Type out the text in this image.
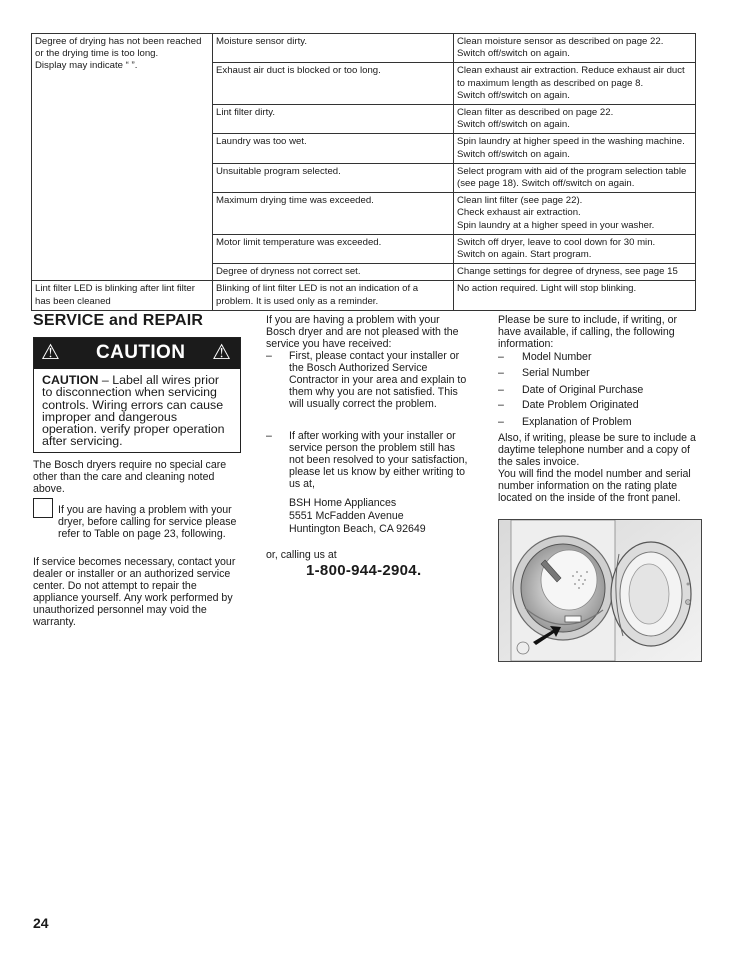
Degree of drying has not been reached or the drying time is too long.
Display may indicate “ ”.	Moisture sensor dirty.	Clean moisture sensor as described on page 22.
Switch off/switch on again.
	Exhaust air duct is blocked or too long.	Clean exhaust air extraction. Reduce exhaust air duct to maximum length as described on page 8.
Switch off/switch on again.
	Lint filter dirty.	Clean filter as described on page 22.
Switch off/switch on again.
	Laundry was too wet.	Spin laundry at higher speed in the washing machine. Switch off/switch on again.
	Unsuitable program selected.	Select program with aid of the program selection table (see page 18). Switch off/switch on again.
	Maximum drying time was exceeded.	Clean lint filter (see page 22).
Check exhaust air extraction.
Spin laundry at a higher speed in your washer.
	Motor limit temperature was exceeded.	Switch off dryer, leave to cool down for 30 min.
Switch on again. Start program.
	Degree of dryness not correct set.	Change settings for degree of dryness, see page 15
Lint filter LED is blinking after lint filter has been cleaned	Blinking of lint filter LED is not an indication of a problem. It is used only as a reminder.	No action required. Light will stop blinking.
SERVICE and REPAIR
⚠ CAUTION ⚠
CAUTION – Label all wires prior to disconnection when servicing controls. Wiring errors can cause improper and dangerous operation. verify proper operation after servicing.
The Bosch dryers require no special care other than the care and cleaning noted above.
If you are having a problem with your dryer, before calling for service please refer to Table on page 23, following.
If service becomes necessary, contact your dealer or installer or an authorized service center. Do not attempt to repair the appliance yourself. Any work performed by unauthorized personnel may void the warranty.
If you are having a problem with your Bosch dryer and are not pleased with the service you have received:
– First, please contact your installer or the Bosch Authorized Service Contractor in your area and explain to them why you are not satisfied. This will usually correct the problem.
– If after working with your installer or service person the problem still has not been resolved to your satisfaction, please let us know by either writing to us at,
BSH Home Appliances
5551 McFadden Avenue
Huntington Beach, CA 92649
or, calling us at
1-800-944-2904.
Please be sure to include, if writing, or have available, if calling, the following information:
– Model Number
– Serial Number
– Date of Original Purchase
– Date Problem Originated
– Explanation of Problem
Also, if writing, please be sure to include a daytime telephone number and a copy of the sales invoice.
You will find the model number and serial number information on the rating plate located on the inside of the front panel.
24
